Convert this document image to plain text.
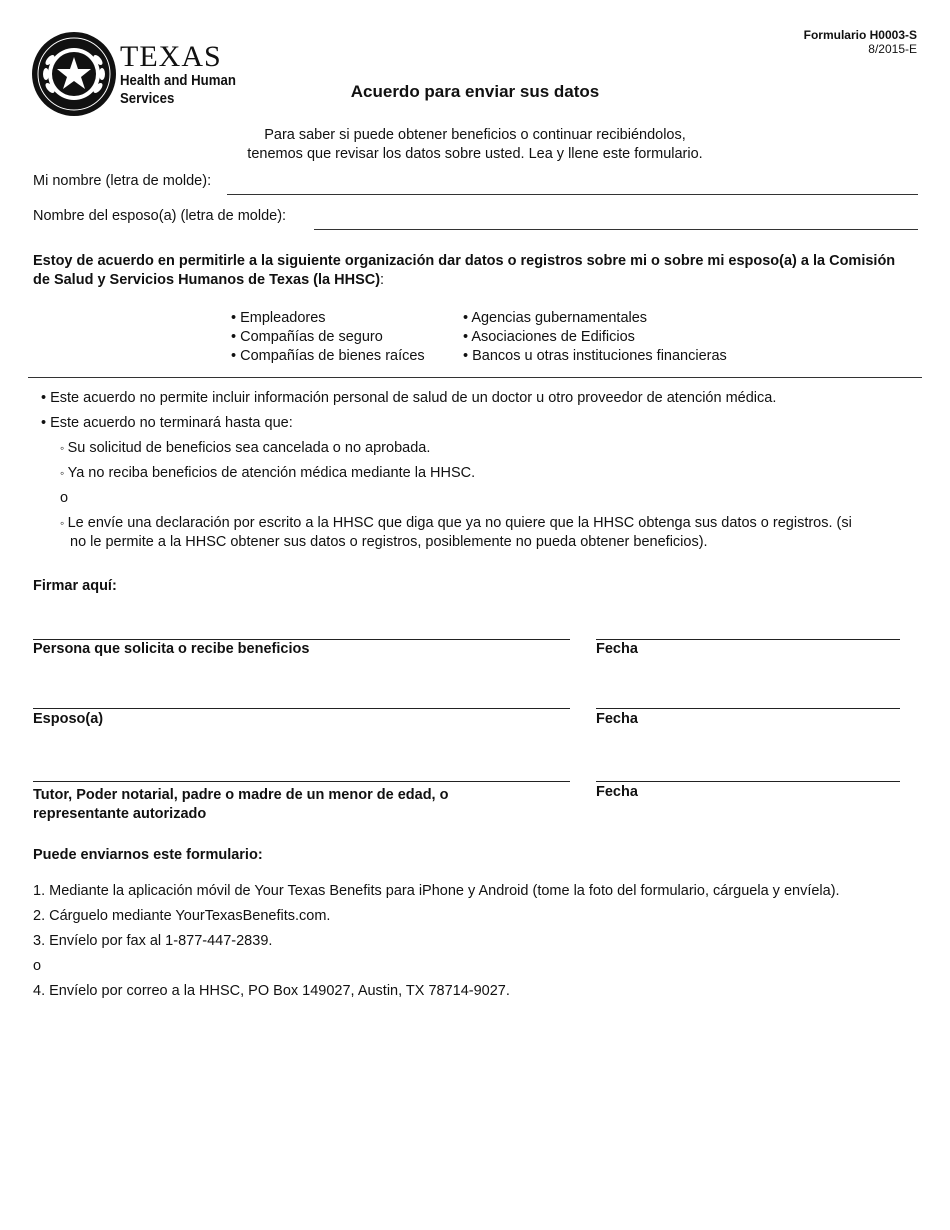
TEXAS
Health and Human
Services
Formulario H0003-S
8/2015-E
Acuerdo para enviar sus datos
Para saber si puede obtener beneficios o continuar recibiéndolos,
tenemos que revisar los datos sobre usted. Lea y llene este formulario.
Mi nombre (letra de molde):
Nombre del esposo(a) (letra de molde):
Estoy de acuerdo en permitirle a la siguiente organización dar datos o registros sobre mi o sobre mi esposo(a) a la Comisión de Salud y Servicios Humanos de Texas (la HHSC):
• Empleadores
• Compañías de seguro
• Compañías de bienes raíces
• Agencias gubernamentales
• Asociaciones de Edificios
• Bancos u otras instituciones financieras
• Este acuerdo no permite incluir información personal de salud de un doctor u otro proveedor de atención médica.
• Este acuerdo no terminará hasta que:
◦ Su solicitud de beneficios sea cancelada o no aprobada.
◦ Ya no reciba beneficios de atención médica mediante la HHSC.
o
◦ Le envíe una declaración por escrito a la HHSC que diga que ya no quiere que la HHSC obtenga sus datos o registros. (si
no le permite a la HHSC obtener sus datos o registros, posiblemente no pueda obtener beneficios).
Firmar aquí:
Persona que solicita o recibe beneficios	Fecha
Esposo(a)	Fecha
Tutor, Poder notarial, padre o madre de un menor de edad, o
representante autorizado
Fecha
Puede enviarnos este formulario:
1. Mediante la aplicación móvil de Your Texas Benefits para iPhone y Android (tome la foto del formulario, cárguela y envíela).
2. Cárguelo mediante YourTexasBenefits.com.
3. Envíelo por fax al 1-877-447-2839.
o
4. Envíelo por correo a la HHSC, PO Box 149027, Austin, TX 78714-9027.
